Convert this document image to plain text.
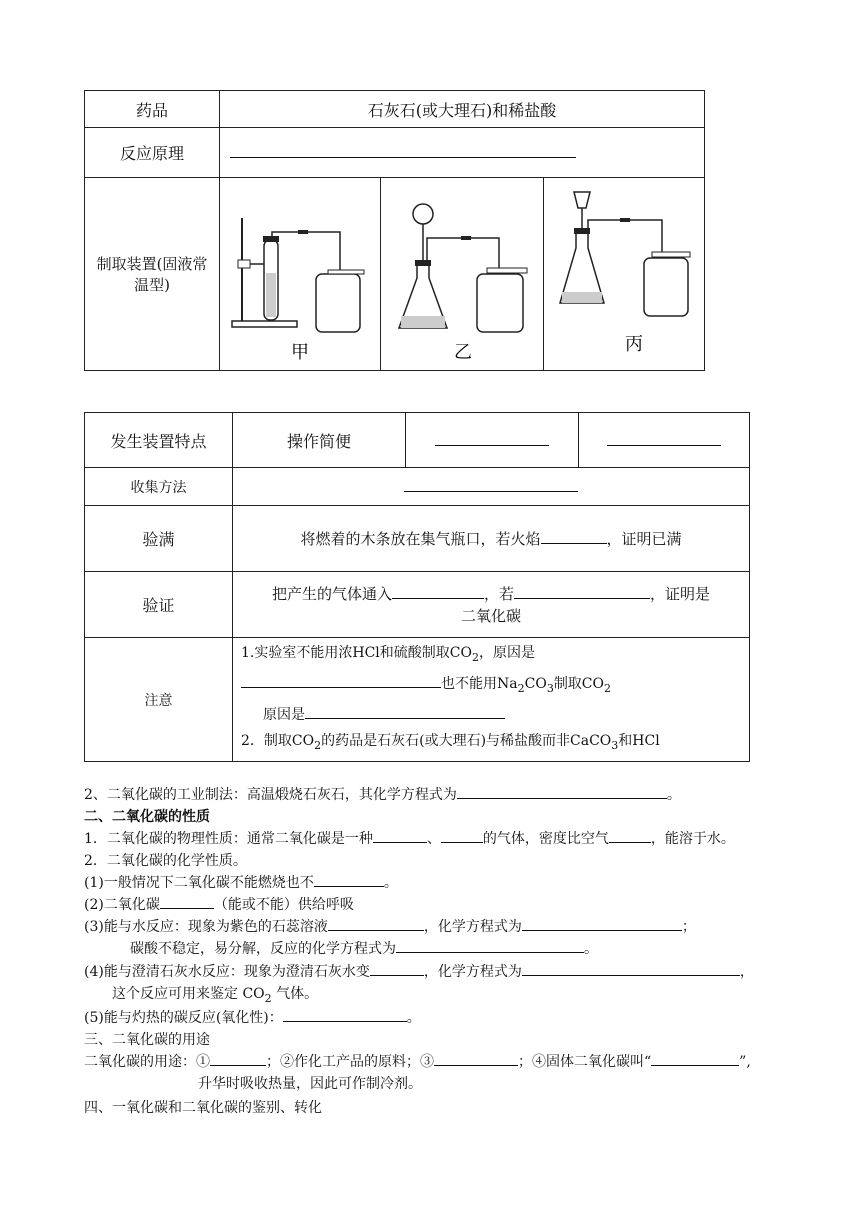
药品	石灰石(或大理石)和稀盐酸		
反应原理			
制取装置(固液常温型)	甲	乙	丙
发生装置特点	操作简便		
收集方法			
验满	将燃着的木条放在集气瓶口，若火焰 ，证明已满		
验证	把产生的气体通入 ，若 ，证明是
二氧化碳		
注意	1.实验室不能用浓HCl和硫酸制取$CO_2$，原因是
也不能用$Na_2CO_3$制取$CO_2$
原因是
2．制取$CO_2$的药品是石灰石(或大理石)与稀盐酸而非CaCO$_3$和HCl		
2、二氧化碳的工业制法：高温煅烧石灰石，其化学方程式为	。
二、二氧化碳的性质
1．二氧化碳的物理性质：通常二氧化碳是一种	、	的气体，密度比空气	，能溶于水。
2．二氧化碳的化学性质。
(1)一般情况下二氧化碳不能燃烧也不	。
(2)二氧化碳	（能或不能）供给呼吸
(3)能与水反应：现象为紫色的石蕊溶液	，化学方程式为	；
碳酸不稳定，易分解，反应的化学方程式为	。
(4)能与澄清石灰水反应：现象为澄清石灰水变	，化学方程式为	，
这个反应可用来鉴定 $CO_2$ 气体。
(5)能与灼热的碳反应(氧化性)：	。
三、二氧化碳的用途
二氧化碳的用途：①	；②作化工产品的原料；③	；④固体二氧化碳叫“	”,
升华时吸收热量，因此可作制冷剂。
四、一氧化碳和二氧化碳的鉴别、转化
